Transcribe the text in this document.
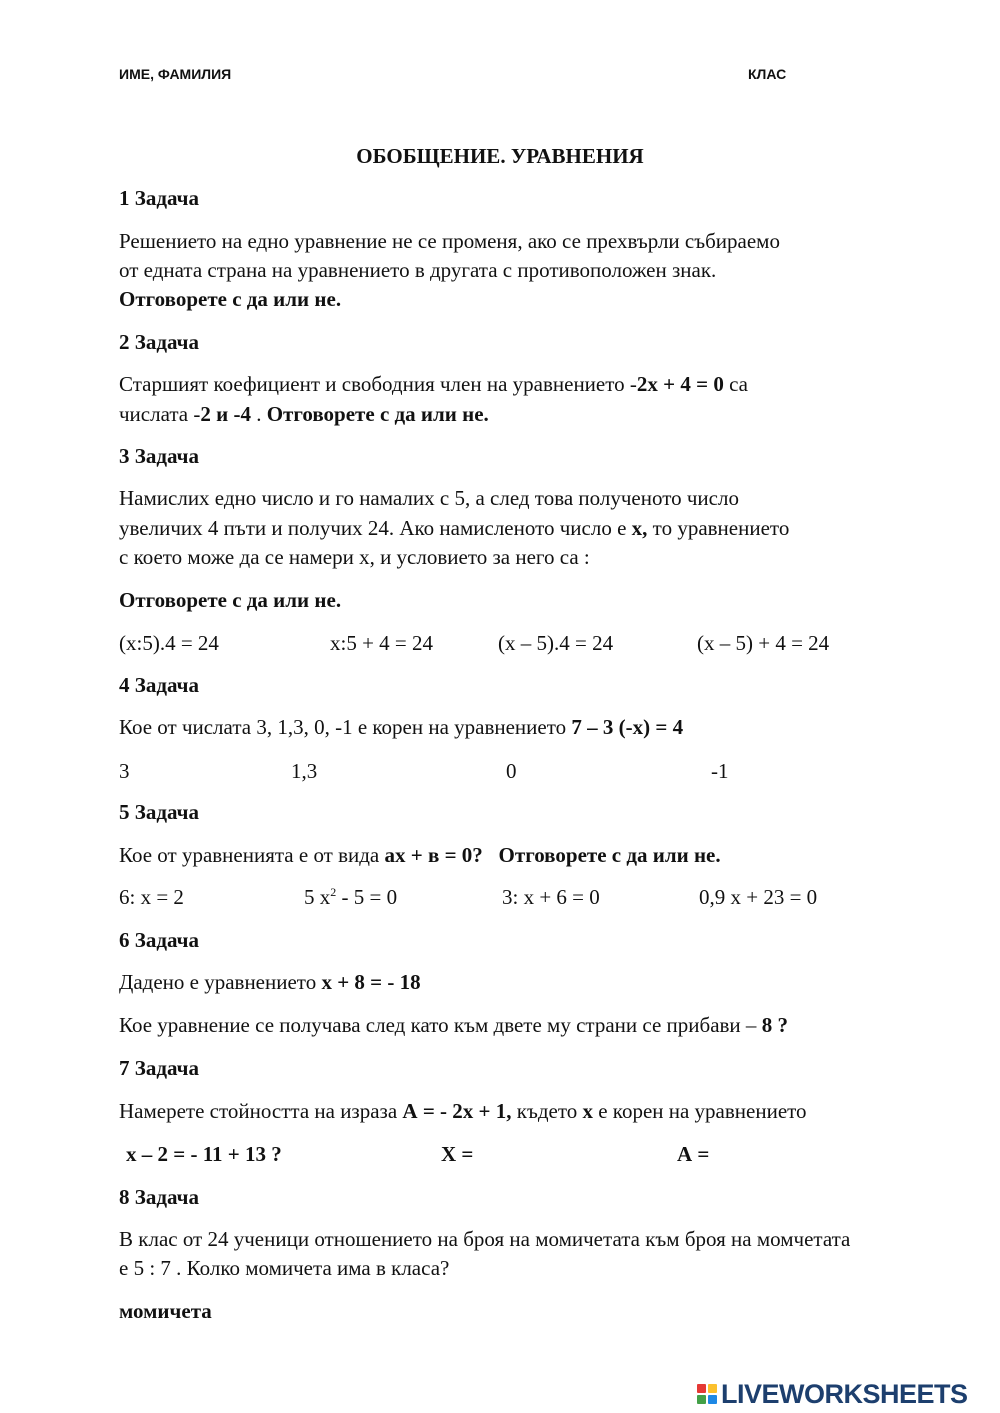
ИМЕ, ФАМИЛИЯ	КЛАС
ОБОБЩЕНИЕ. УРАВНЕНИЯ
1 Задача
Решението на едно уравнение не се променя, ако се прехвърли събираемо
от едната страна на уравнението в другата с противоположен знак.
Отговорете с да или не.
2 Задача
Старшият коефициент и свободния член на уравнението -2х + 4 = 0 са
числата -2 и -4 . Отговорете с да или не.
3 Задача
Намислих едно число и го намалих с 5, а след това полученото число
увеличих 4 пъти и получих 24. Ако намисленото число е х, то уравнението
с което може да се намери х, и условието за него са :
Отговорете с да или не.
(х:5).4 = 24	х:5 + 4 = 24	(х – 5).4 = 24	(х – 5) + 4 = 24
4 Задача
Кое от числата 3, 1,3, 0, -1 е корен на уравнението 7 – 3 (-х) = 4
3	1,3	0	-1
5 Задача
Кое от уравненията е от вида ах + в = 0? Отговорете с да или не.
6: х = 2	5 $х^2 - 5 = 0$	3: х + 6 = 0	0,9 х + 23 = 0
6 Задача
Дадено е уравнението х + 8 = - 18
Кое уравнение се получава след като към двете му страни се прибави – 8 ?
7 Задача
Намерете стойността на израза А = - 2х + 1, където х е корен на уравнението
х – 2 = - 11 + 13 ?	Х =	А =
8 Задача
В клас от 24 ученици отношението на броя на момичетата към броя на момчетата
е 5 : 7 . Колко момичета има в класа?
момичета
LIVEWORKSHEETS
